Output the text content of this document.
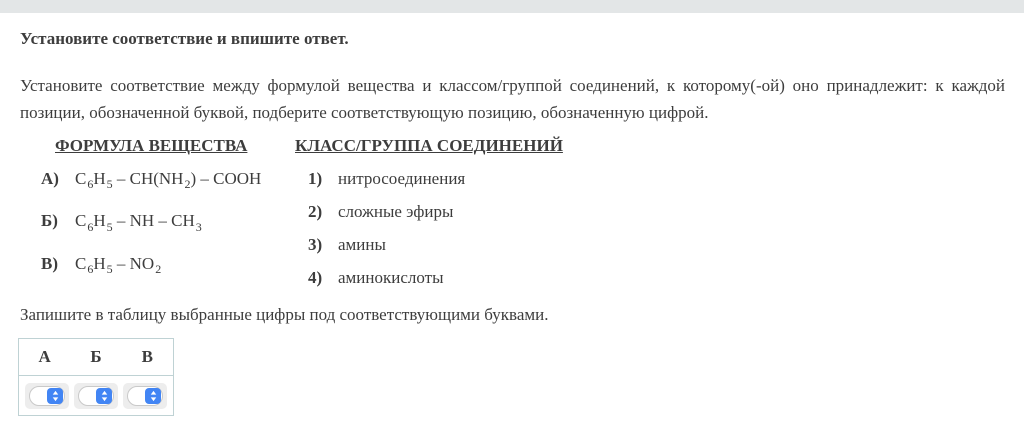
Установите соответствие и впишите ответ.

Установите соответствие между формулой вещества и классом/группой соединений, к которому(-ой) оно принадлежит: к каждой позиции, обозначенной буквой, подберите соответствующую позицию, обозначенную цифрой.

ФОРМУЛА ВЕЩЕСТВА
А) $C_6H_5 - CH(NH_2)$ – COOH
Б) $C_6H_5$ – NH – $CH_3$
В) $C_6H_5 - NO_2$
КЛАСС/ГРУППА СОЕДИНЕНИЙ
1) нитросоединения
2) сложные эфиры
3) амины
4) аминокислоты

Запишите в таблицу выбранные цифры под соответствующими буквами.

А	Б	В
